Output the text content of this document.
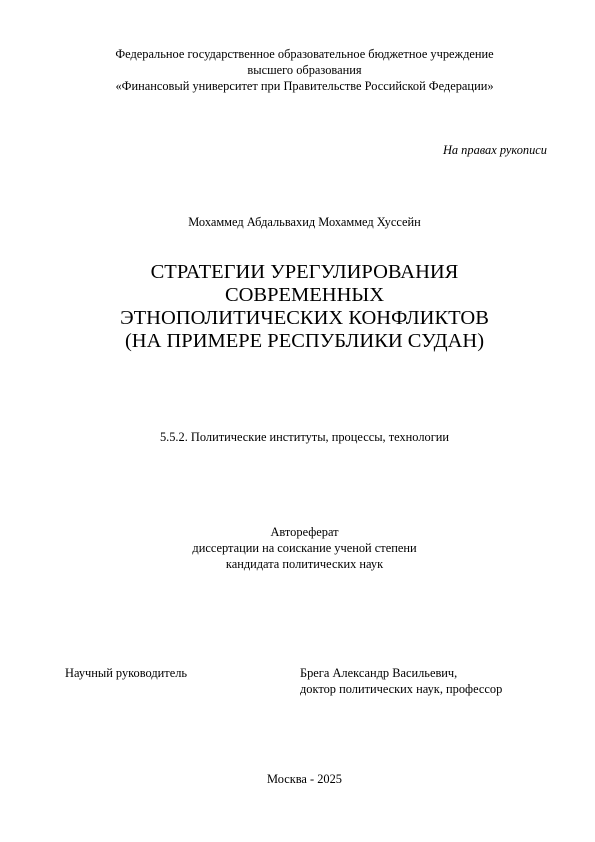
Федеральное государственное образовательное бюджетное учреждение
высшего образования
«Финансовый университет при Правительстве Российской Федерации»
На правах рукописи
Мохаммед Абдальвахид Мохаммед Хуссейн
СТРАТЕГИИ УРЕГУЛИРОВАНИЯ
СОВРЕМЕННЫХ
ЭТНОПОЛИТИЧЕСКИХ КОНФЛИКТОВ
(НА ПРИМЕРЕ РЕСПУБЛИКИ СУДАН)
5.5.2. Политические институты, процессы, технологии
Автореферат
диссертации на соискание ученой степени
кандидата политических наук
Научный руководитель	Брега Александр Васильевич,
доктор политических наук, профессор
Москва - 2025
